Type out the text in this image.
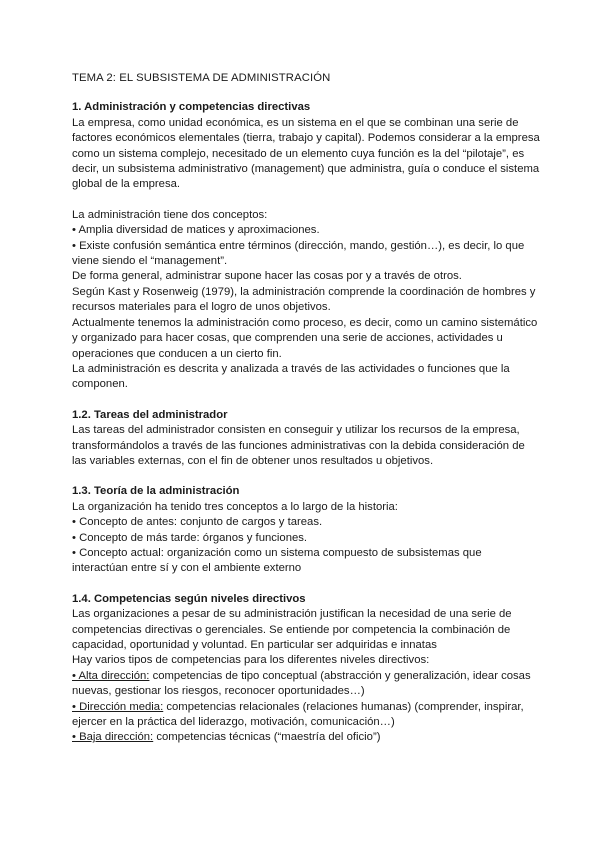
TEMA 2: EL SUBSISTEMA DE ADMINISTRACIÓN

1. Administración y competencias directivas

La empresa, como unidad económica, es un sistema en el que se combinan una serie de factores económicos elementales (tierra, trabajo y capital). Podemos considerar a la empresa como un sistema complejo, necesitado de un elemento cuya función es la del “pilotaje”, es decir, un subsistema administrativo (management) que administra, guía o conduce el sistema global de la empresa.

La administración tiene dos conceptos:

• Amplia diversidad de matices y aproximaciones.
• Existe confusión semántica entre términos (dirección, mando, gestión…), es decir, lo que viene siendo el “management”.

De forma general, administrar supone hacer las cosas por y a través de otros.

Según Kast y Rosenweig (1979), la administración comprende la coordinación de hombres y recursos materiales para el logro de unos objetivos.

Actualmente tenemos la administración como proceso, es decir, como un camino sistemático y organizado para hacer cosas, que comprenden una serie de acciones, actividades u operaciones que conducen a un cierto fin.

La administración es descrita y analizada a través de las actividades o funciones que la componen.

1.2. Tareas del administrador

Las tareas del administrador consisten en conseguir y utilizar los recursos de la empresa, transformándolos a través de las funciones administrativas con la debida consideración de las variables externas, con el fin de obtener unos resultados u objetivos.

1.3. Teoría de la administración

La organización ha tenido tres conceptos a lo largo de la historia:

• Concepto de antes: conjunto de cargos y tareas.
• Concepto de más tarde: órganos y funciones.
• Concepto actual: organización como un sistema compuesto de subsistemas que interactúan entre sí y con el ambiente externo

1.4. Competencias según niveles directivos

Las organizaciones a pesar de su administración justifican la necesidad de una serie de competencias directivas o gerenciales. Se entiende por competencia la combinación de capacidad, oportunidad y voluntad. En particular ser adquiridas e innatas

Hay varios tipos de competencias para los diferentes niveles directivos:

• Alta dirección: competencias de tipo conceptual (abstracción y generalización, idear cosas nuevas, gestionar los riesgos, reconocer oportunidades…)

• Dirección media: competencias relacionales (relaciones humanas) (comprender, inspirar, ejercer en la práctica del liderazgo, motivación, comunicación…)

• Baja dirección: competencias técnicas (“maestría del oficio”)
